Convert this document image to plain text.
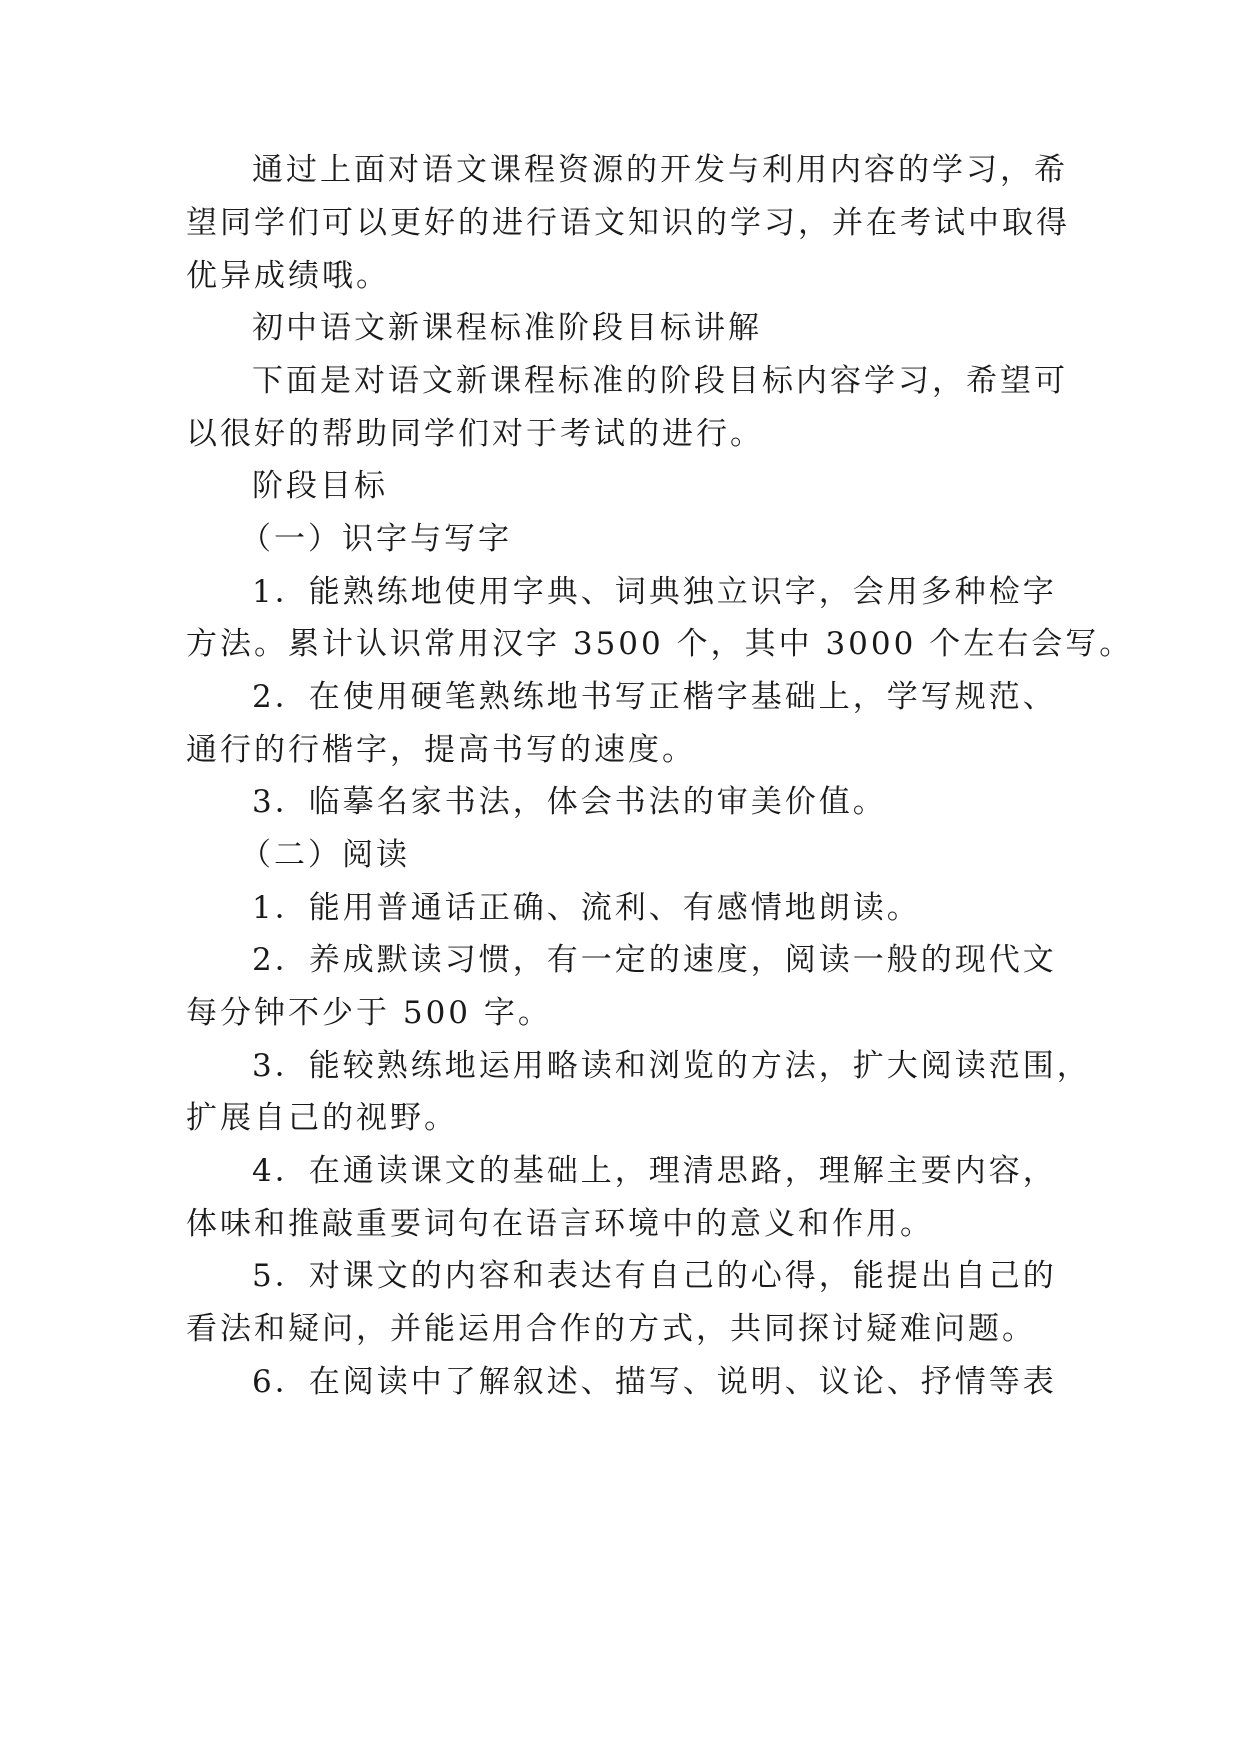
通过上面对语文课程资源的开发与利用内容的学习，希
望同学们可以更好的进行语文知识的学习，并在考试中取得
优异成绩哦。
初中语文新课程标准阶段目标讲解
下面是对语文新课程标准的阶段目标内容学习，希望可
以很好的帮助同学们对于考试的进行。
阶段目标
（一）识字与写字
1．能熟练地使用字典、词典独立识字，会用多种检字
方法。累计认识常用汉字 3500 个，其中 3000 个左右会写。
2．在使用硬笔熟练地书写正楷字基础上，学写规范、
通行的行楷字，提高书写的速度。
3．临摹名家书法，体会书法的审美价值。
（二）阅读
1．能用普通话正确、流利、有感情地朗读。
2．养成默读习惯，有一定的速度，阅读一般的现代文
每分钟不少于 500 字。
3．能较熟练地运用略读和浏览的方法，扩大阅读范围，
扩展自己的视野。
4．在通读课文的基础上，理清思路，理解主要内容，
体味和推敲重要词句在语言环境中的意义和作用。
5．对课文的内容和表达有自己的心得，能提出自己的
看法和疑问，并能运用合作的方式，共同探讨疑难问题。
6．在阅读中了解叙述、描写、说明、议论、抒情等表
